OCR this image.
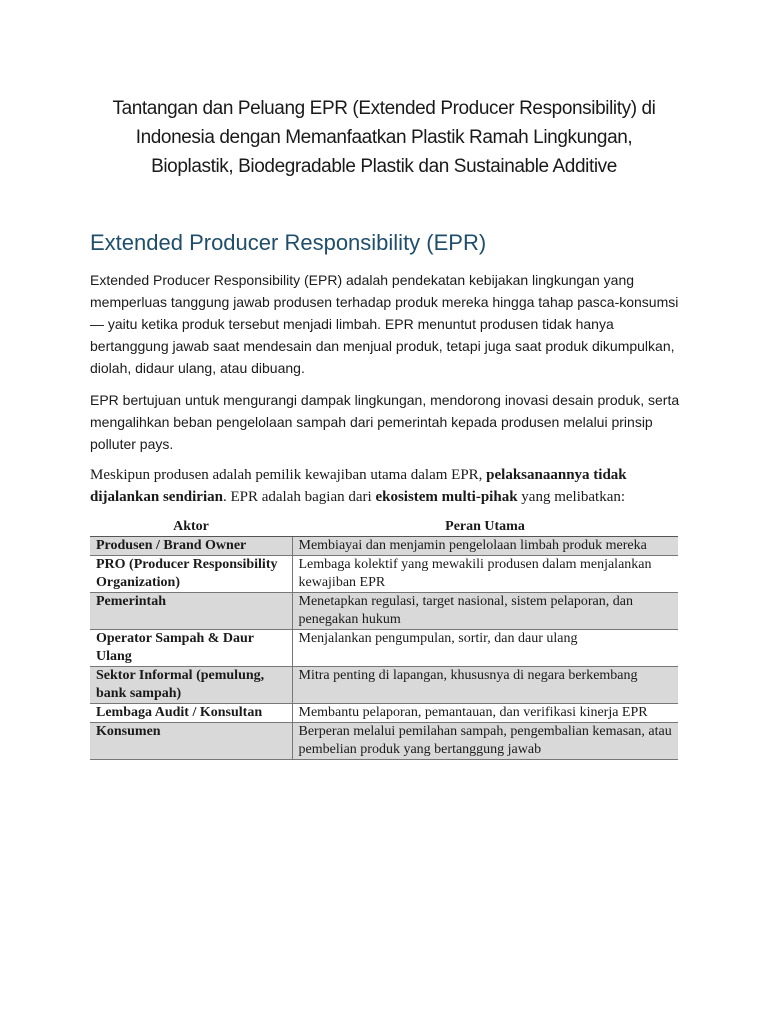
Tantangan dan Peluang EPR (Extended Producer Responsibility) di
Indonesia dengan Memanfaatkan Plastik Ramah Lingkungan,
Bioplastik, Biodegradable Plastik dan Sustainable Additive
Extended Producer Responsibility (EPR)

Extended Producer Responsibility (EPR) adalah pendekatan kebijakan lingkungan yang memperluas tanggung jawab produsen terhadap produk mereka hingga tahap pasca-konsumsi — yaitu ketika produk tersebut menjadi limbah. EPR menuntut produsen tidak hanya bertanggung jawab saat mendesain dan menjual produk, tetapi juga saat produk dikumpulkan, diolah, didaur ulang, atau dibuang.

EPR bertujuan untuk mengurangi dampak lingkungan, mendorong inovasi desain produk, serta mengalihkan beban pengelolaan sampah dari pemerintah kepada produsen melalui prinsip polluter pays.

Meskipun produsen adalah pemilik kewajiban utama dalam EPR, pelaksanaannya tidak dijalankan sendirian. EPR adalah bagian dari ekosistem multi-pihak yang melibatkan:

Aktor	Peran Utama
Produsen / Brand Owner	Membiayai dan menjamin pengelolaan limbah produk mereka
PRO (Producer Responsibility Organization)	Lembaga kolektif yang mewakili produsen dalam menjalankan kewajiban EPR
Pemerintah	Menetapkan regulasi, target nasional, sistem pelaporan, dan penegakan hukum
Operator Sampah & Daur Ulang	Menjalankan pengumpulan, sortir, dan daur ulang
Sektor Informal (pemulung, bank sampah)	Mitra penting di lapangan, khususnya di negara berkembang
Lembaga Audit / Konsultan	Membantu pelaporan, pemantauan, dan verifikasi kinerja EPR
Konsumen	Berperan melalui pemilahan sampah, pengembalian kemasan, atau pembelian produk yang bertanggung jawab
